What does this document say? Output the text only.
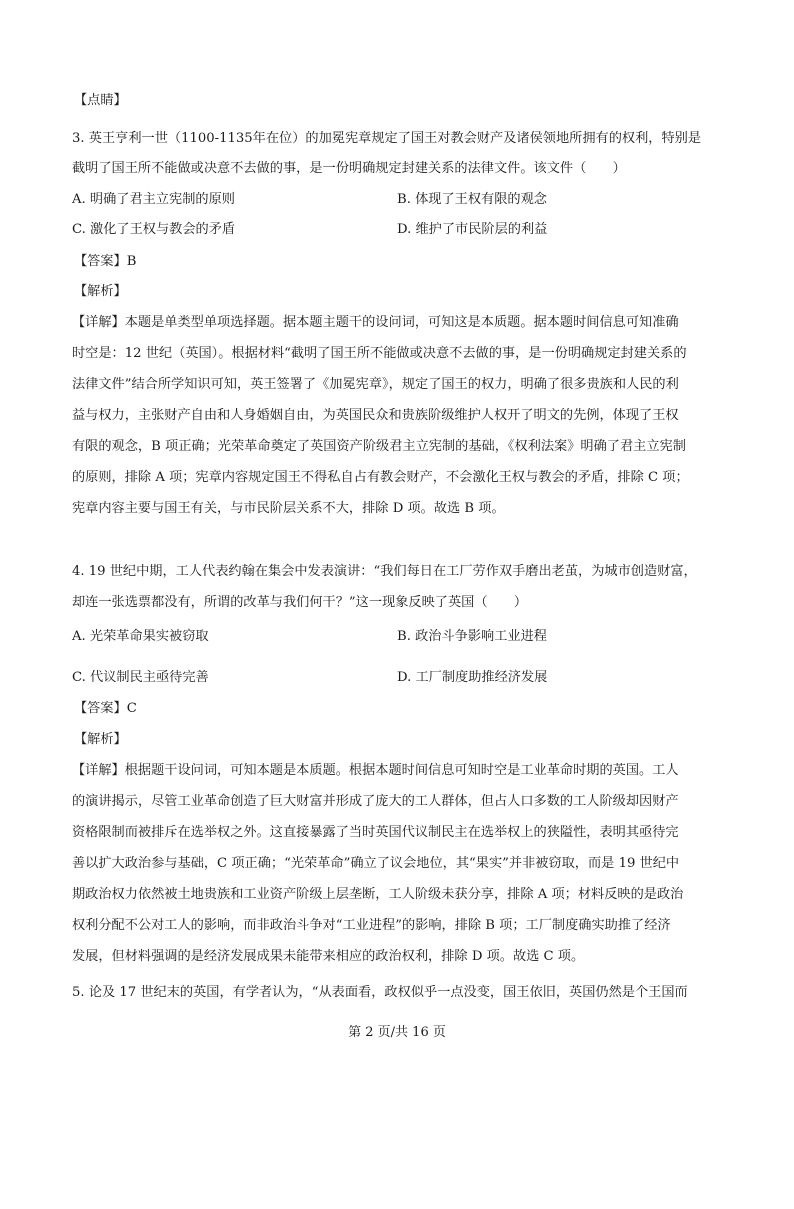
【点睛】
3. 英王亨利一世（1100-1135年在位）的加冕宪章规定了国王对教会财产及诸侯领地所拥有的权利，特别是
截明了国王所不能做或决意不去做的事，是一份明确规定封建关系的法律文件。该文件（　　）
A. 明确了君主立宪制的原则	B. 体现了王权有限的观念
C. 激化了王权与教会的矛盾	D. 维护了市民阶层的利益
【答案】B
【解析】
【详解】本题是单类型单项选择题。据本题主题干的设问词，可知这是本质题。据本题时间信息可知准确
时空是：12 世纪（英国）。根据材料“截明了国王所不能做或决意不去做的事，是一份明确规定封建关系的
法律文件”结合所学知识可知，英王签署了《加冕宪章》，规定了国王的权力，明确了很多贵族和人民的利
益与权力，主张财产自由和人身婚姻自由，为英国民众和贵族阶级维护人权开了明文的先例，体现了王权
有限的观念，B 项正确；光荣革命奠定了英国资产阶级君主立宪制的基础，《权利法案》明确了君主立宪制
的原则，排除 A 项；宪章内容规定国王不得私自占有教会财产，不会激化王权与教会的矛盾，排除 C 项；
宪章内容主要与国王有关，与市民阶层关系不大，排除 D 项。故选 B 项。
4. 19 世纪中期，工人代表约翰在集会中发表演讲：“我们每日在工厂劳作双手磨出老茧，为城市创造财富，
却连一张选票都没有，所谓的改革与我们何干？”这一现象反映了英国（　　）
A. 光荣革命果实被窃取	B. 政治斗争影响工业进程
C. 代议制民主亟待完善	D. 工厂制度助推经济发展
【答案】C
【解析】
【详解】根据题干设问词，可知本题是本质题。根据本题时间信息可知时空是工业革命时期的英国。工人
的演讲揭示，尽管工业革命创造了巨大财富并形成了庞大的工人群体，但占人口多数的工人阶级却因财产
资格限制而被排斥在选举权之外。这直接暴露了当时英国代议制民主在选举权上的狭隘性，表明其亟待完
善以扩大政治参与基础，C 项正确；“光荣革命”确立了议会地位，其“果实”并非被窃取，而是 19 世纪中
期政治权力依然被土地贵族和工业资产阶级上层垄断，工人阶级未获分享，排除 A 项；材料反映的是政治
权利分配不公对工人的影响，而非政治斗争对“工业进程”的影响，排除 B 项；工厂制度确实助推了经济
发展，但材料强调的是经济发展成果未能带来相应的政治权利，排除 D 项。故选 C 项。
5. 论及 17 世纪末的英国，有学者认为，“从表面看，政权似乎一点没变，国王依旧，英国仍然是个王国而
第 2 页/共 16 页
